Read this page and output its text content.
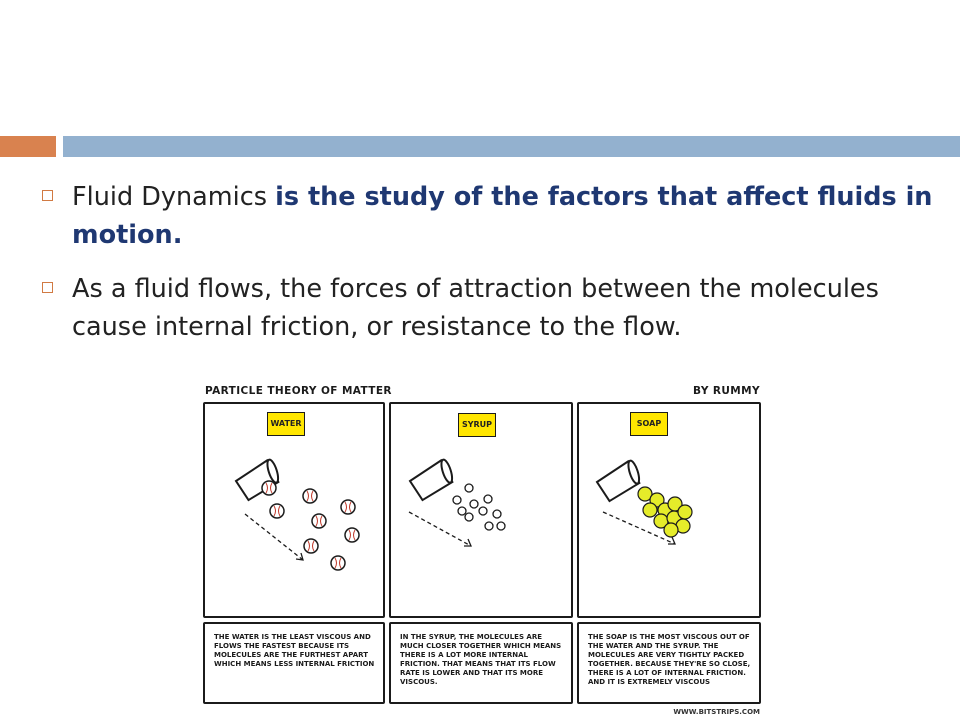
Fluid Dynamics is the study of the factors that affect fluids in motion.
As a fluid flows, the forces of attraction between the molecules cause internal friction, or resistance to the flow.
PARTICLE THEORY OF MATTER	BY RUMMY
WATER	SYRUP	SOAP

THE WATER IS THE LEAST VISCOUS AND FLOWS THE FASTEST BECAUSE ITS MOLECULES ARE THE FURTHEST APART WHICH MEANS LESS INTERNAL FRICTION

IN THE SYRUP, THE MOLECULES ARE MUCH CLOSER TOGETHER WHICH MEANS THERE IS A LOT MORE INTERNAL FRICTION. THAT MEANS THAT ITS FLOW RATE IS LOWER AND THAT ITS MORE VISCOUS.

THE SOAP IS THE MOST VISCOUS OUT OF THE WATER AND THE SYRUP. THE MOLECULES ARE VERY TIGHTLY PACKED TOGETHER. BECAUSE THEY'RE SO CLOSE, THERE IS A LOT OF INTERNAL FRICTION. AND IT IS EXTREMELY VISCOUS

WWW.BITSTRIPS.COM
